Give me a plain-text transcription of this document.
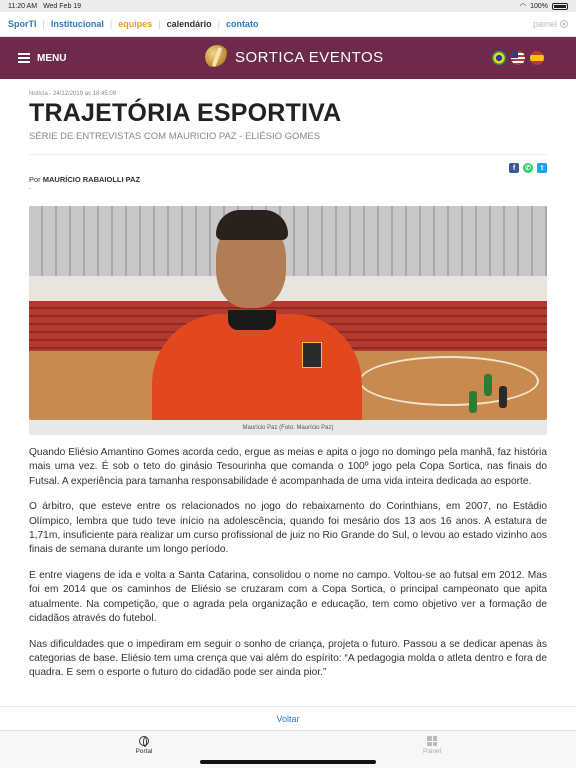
11:20 AM Wed Feb 19	◠ 100%
SporTI | Institucional | equipes | calendário | contato	painel
MENU	SORTICA EVENTOS
Notícia - 24/12/2019 às 18:45:09
TRAJETÓRIA ESPORTIVA
SÉRIE DE ENTREVISTAS COM MAURICIO PAZ - ELIÉSIO GOMES
f	✆	t
Por MAURÍCIO RABAIOLLI PAZ
-
Maurício Paz (Foto: Maurício Paz)

Quando Eliésio Amantino Gomes acorda cedo, ergue as meias e apita o jogo no domingo pela manhã, faz história mais uma vez. É sob o teto do ginásio Tesourinha que comanda o 100º jogo pela Copa Sortica, nas finais do Futsal. A experiência para tamanha responsabilidade é acompanhada de uma vida inteira dedicada ao esporte.

O árbitro, que esteve entre os relacionados no jogo do rebaixamento do Corinthians, em 2007, no Estádio Olímpico, lembra que tudo teve início na adolescência, quando foi mesário dos 13 aos 16 anos. A estatura de 1,71m, insuficiente para realizar um curso profissional de juiz no Rio Grande do Sul, o levou ao estado vizinho aos finais de semana durante um longo período.

E entre viagens de ida e volta a Santa Catarina, consolidou o nome no campo. Voltou-se ao futsal em 2012. Mas foi em 2014 que os caminhos de Eliésio se cruzaram com a Copa Sortica, o principal campeonato que apita atualmente. Na competição, que o agrada pela organização e educação, tem como objetivo ver a formação de cidadãos através do futebol.

Nas dificuldades que o impediram em seguir o sonho de criança, projeta o futuro. Passou a se dedicar apenas às categorias de base. Eliésio tem uma crença que vai além do espírito: “A pedagogia molda o atleta dentro e fora de quadra. E sem o esporte o futuro do cidadão pode ser ainda pior.”

Voltar
Portal	Painel
